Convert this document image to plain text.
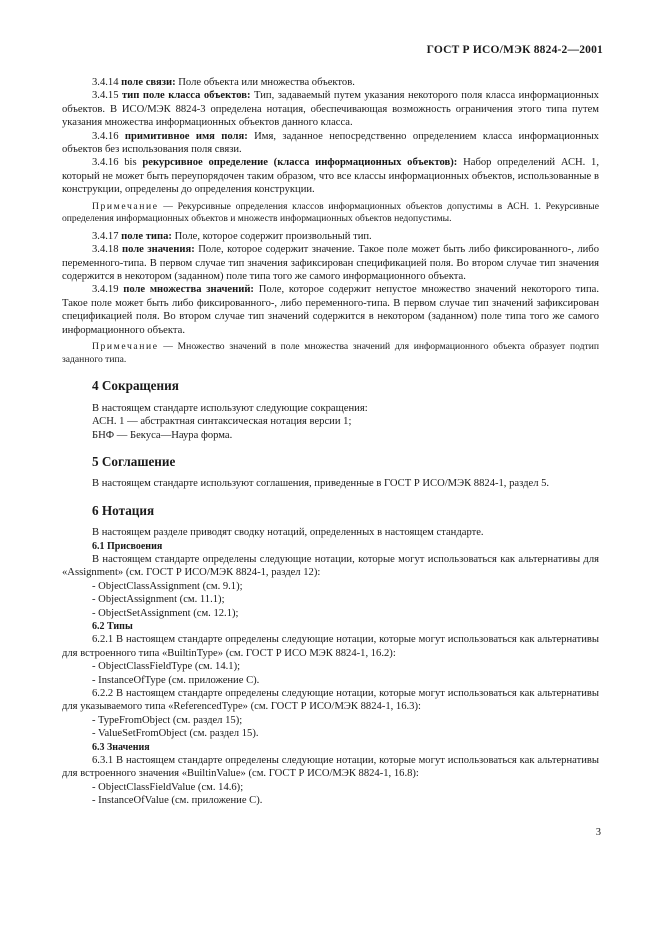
ГОСТ Р ИСО/МЭК 8824-2—2001

3.4.14 поле связи: Поле объекта или множества объектов.

3.4.15 тип поле класса объектов: Тип, задаваемый путем указания некоторого поля класса информационных объектов. В ИСО/МЭК 8824-3 определена нотация, обеспечивающая возможность ограничения этого типа путем указания множества информационных объектов данного класса.

3.4.16 примитивное имя поля: Имя, заданное непосредственно определением класса информационных объектов без использования поля связи.

3.4.16 bis рекурсивное определение (класса информационных объектов): Набор определений АСН. 1, который не может быть переупорядочен таким образом, что все классы информационных объектов, использованные в конструкции, определены до определения конструкции.

Примечание — Рекурсивные определения классов информационных объектов допустимы в АСН. 1. Рекурсивные определения информационных объектов и множеств информационных объектов недопустимы.

3.4.17 поле типа: Поле, которое содержит произвольный тип.

3.4.18 поле значения: Поле, которое содержит значение. Такое поле может быть либо фиксированного-, либо переменного-типа. В первом случае тип значения зафиксирован спецификацией поля. Во втором случае тип значения содержится в некотором (заданном) поле типа того же самого информационного объекта.

3.4.19 поле множества значений: Поле, которое содержит непустое множество значений некоторого типа. Такое поле может быть либо фиксированного-, либо переменного-типа. В первом случае тип значений зафиксирован спецификацией поля. Во втором случае тип значений содержится в некотором (заданном) поле типа того же самого информационного объекта.

Примечание — Множество значений в поле множества значений для информационного объекта образует подтип заданного типа.

4 Сокращения

В настоящем стандарте используют следующие сокращения:

АСН. 1 — абстрактная синтаксическая нотация версии 1;

БНФ — Бекуса—Наура форма.

5 Соглашение

В настоящем стандарте используют соглашения, приведенные в ГОСТ Р ИСО/МЭК 8824-1, раздел 5.

6 Нотация

В настоящем разделе приводят сводку нотаций, определенных в настоящем стандарте.

6.1 Присвоения

В настоящем стандарте определены следующие нотации, которые могут использоваться как альтернативы для «Assignment» (см. ГОСТ Р ИСО/МЭК 8824-1, раздел 12):

- ObjectClassAssignment (см. 9.1);

- ObjectAssignment (см. 11.1);

- ObjectSetAssignment (см. 12.1);

6.2 Типы

6.2.1 В настоящем стандарте определены следующие нотации, которые могут использоваться как альтернативы для встроенного типа «BuiltinType» (см. ГОСТ Р ИСО МЭК 8824-1, 16.2):

- ObjectClassFieldType (см. 14.1);

- InstanceOfType (см. приложение С).

6.2.2 В настоящем стандарте определены следующие нотации, которые могут использоваться как альтернативы для указываемого типа «ReferencedType» (см. ГОСТ Р ИСО/МЭК 8824-1, 16.3):

- TypeFromObject (см. раздел 15);

- ValueSetFromObject (см. раздел 15).

6.3 Значения

6.3.1 В настоящем стандарте определены следующие нотации, которые могут использоваться как альтернативы для встроенного значения «BuiltinValue» (см. ГОСТ Р ИСО/МЭК 8824-1, 16.8):

- ObjectClassFieldValue (см. 14.6);

- InstanceOfValue (см. приложение С).

3
